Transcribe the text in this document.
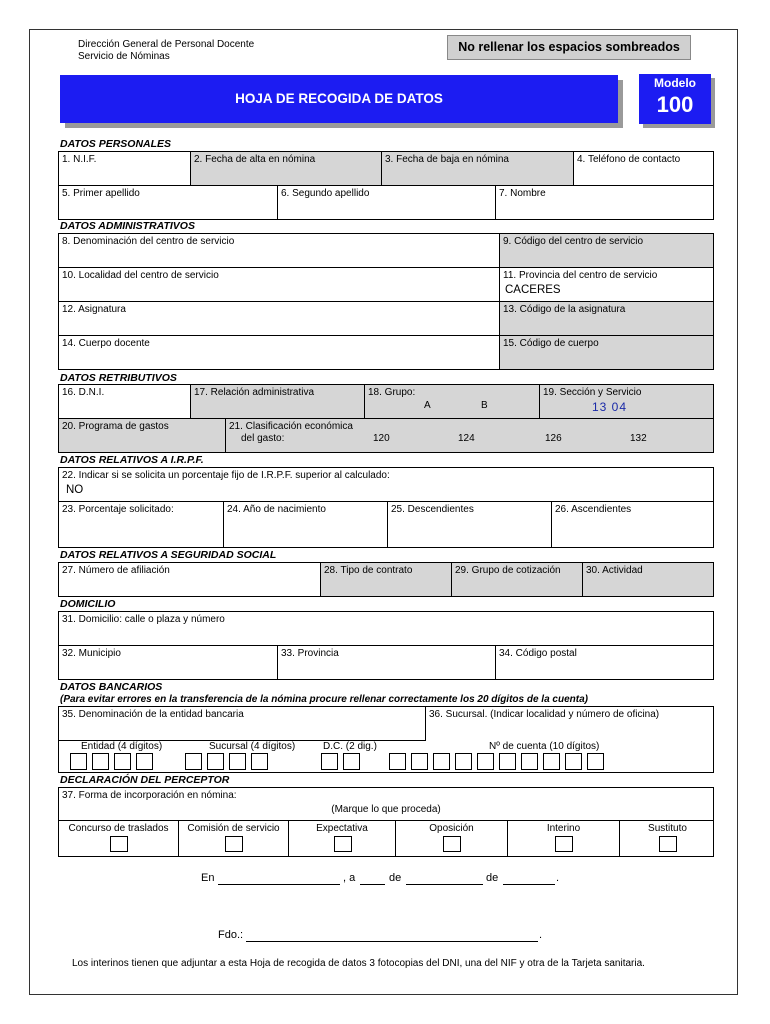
Dirección General de Personal Docente
Servicio de Nóminas
No rellenar los espacios sombreados
HOJA DE RECOGIDA DE DATOS
Modelo
100
DATOS PERSONALES
1. N.I.F.	2. Fecha de alta en nómina	3. Fecha de baja en nómina	4. Teléfono de contacto
5. Primer apellido	6. Segundo apellido	7. Nombre
DATOS ADMINISTRATIVOS
8. Denominación del centro de servicio	9. Código del centro de servicio
10. Localidad del centro de servicio	11. Provincia del centro de servicio
CACERES
12. Asignatura	13. Código de la asignatura
14. Cuerpo docente	15. Código de cuerpo
DATOS RETRIBUTIVOS
16. D.N.I.	17. Relación administrativa	18. Grupo:	19. Sección y Servicio
A	B	13 04
20. Programa de gastos	21. Clasificación económica
del gasto:	120	124	126	132
DATOS RELATIVOS A I.R.P.F.
22. Indicar si se solicita un porcentaje fijo de I.R.P.F. superior al calculado:
NO
23. Porcentaje solicitado:	24. Año de nacimiento	25. Descendientes	26. Ascendientes
DATOS RELATIVOS A SEGURIDAD SOCIAL
27. Número de afiliación	28. Tipo de contrato	29. Grupo de cotización	30. Actividad
DOMICILIO
31. Domicilio: calle o plaza y número
32. Municipio	33. Provincia	34. Código postal
DATOS BANCARIOS
(Para evitar errores en la transferencia de la nómina procure rellenar correctamente los 20 dígitos de la cuenta)
35. Denominación de la entidad bancaria	36. Sucursal. (Indicar localidad y número de oficina)
Entidad (4 dígitos)	Sucursal (4 dígitos)	D.C. (2 dig.)	Nº de cuenta (10 dígitos)
DECLARACIÓN DEL PERCEPTOR
37. Forma de incorporación en nómina:
(Marque lo que proceda)
Concurso de traslados	Comisión de servicio	Expectativa	Oposición	Interino	Sustituto
En	, a	de	de	.
Fdo.:	.
Los interinos tienen que adjuntar a esta Hoja de recogida de datos 3 fotocopias del DNI, una del NIF y otra de la Tarjeta sanitaria.
